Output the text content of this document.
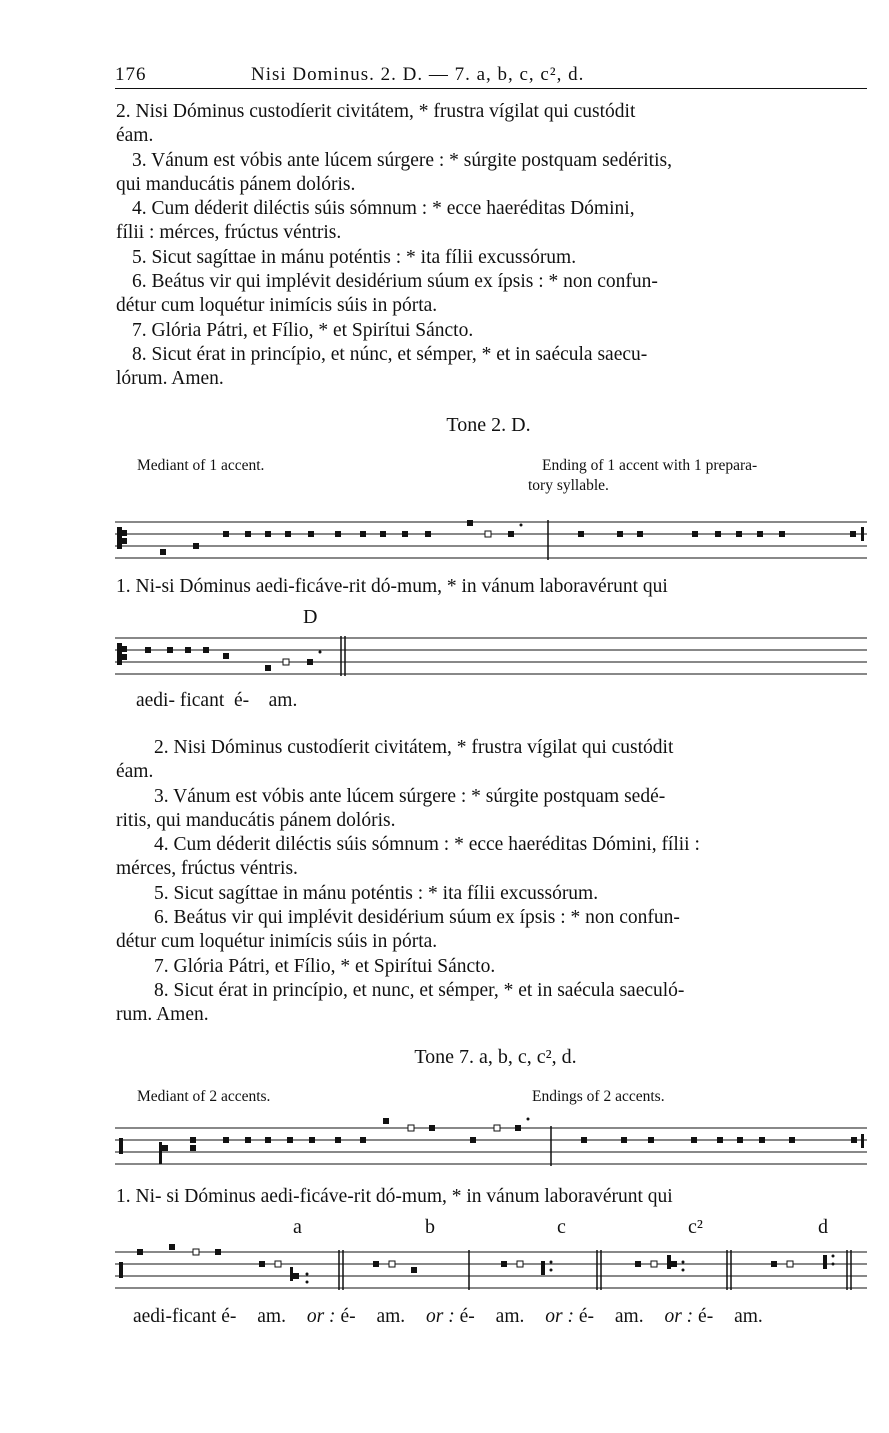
176	Nisi Dominus. 2. D. — 7. a, b, c, c², d.
2. Nisi Dóminus custodíerit civitátem, * frustra vígilat qui custódit
éam.
3. Vánum est vóbis ante lúcem súrgere : * súrgite postquam sedéritis,
qui manducátis pánem dolóris.
4. Cum déderit diléctis súis sómnum : * ecce haeréditas Dómini,
fílii : mérces, frúctus véntris.
5. Sicut sagíttae in mánu poténtis : * ita fílii excussórum.
6. Beátus vir qui implévit desidérium súum ex ípsis : * non confun-
détur cum loquétur inimícis súis in pórta.
7. Glória Pátri, et Fílio, * et Spirítui Sáncto.
8. Sicut érat in princípio, et núnc, et sémper, * et in saécula saecu-
lórum. Amen.
Tone 2. D.
Mediant of 1 accent.	Ending of 1 accent with 1 prepara-
tory syllable.
1. Ni-si Dóminus aedi-ficáve-rit dó-mum, * in vánum laboravérunt qui
D
aedi- ficant  é-    am.
2. Nisi Dóminus custodíerit civitátem, * frustra vígilat qui custódit
éam.
3. Vánum est vóbis ante lúcem súrgere : * súrgite postquam sedé-
ritis, qui manducátis pánem dolóris.
4. Cum déderit diléctis súis sómnum : * ecce haeréditas Dómini, fílii :
mérces, frúctus véntris.
5. Sicut sagíttae in mánu poténtis : * ita fílii excussórum.
6. Beátus vir qui implévit desidérium súum ex ípsis : * non confun-
détur cum loquétur inimícis súis in pórta.
7. Glória Pátri, et Fílio, * et Spirítui Sáncto.
8. Sicut érat in princípio, et nunc, et sémper, * et in saécula saeculó-
rum. Amen.
Tone 7. a, b, c, c², d.
Mediant of 2 accents.	Endings of 2 accents.
1. Ni- si Dóminus aedi-ficáve-rit dó-mum, * in vánum laboravérunt qui
a	b	c	c²	d
aedi-ficant é- am. or : é- am. or : é- am. or : é- am. or : é- am.
